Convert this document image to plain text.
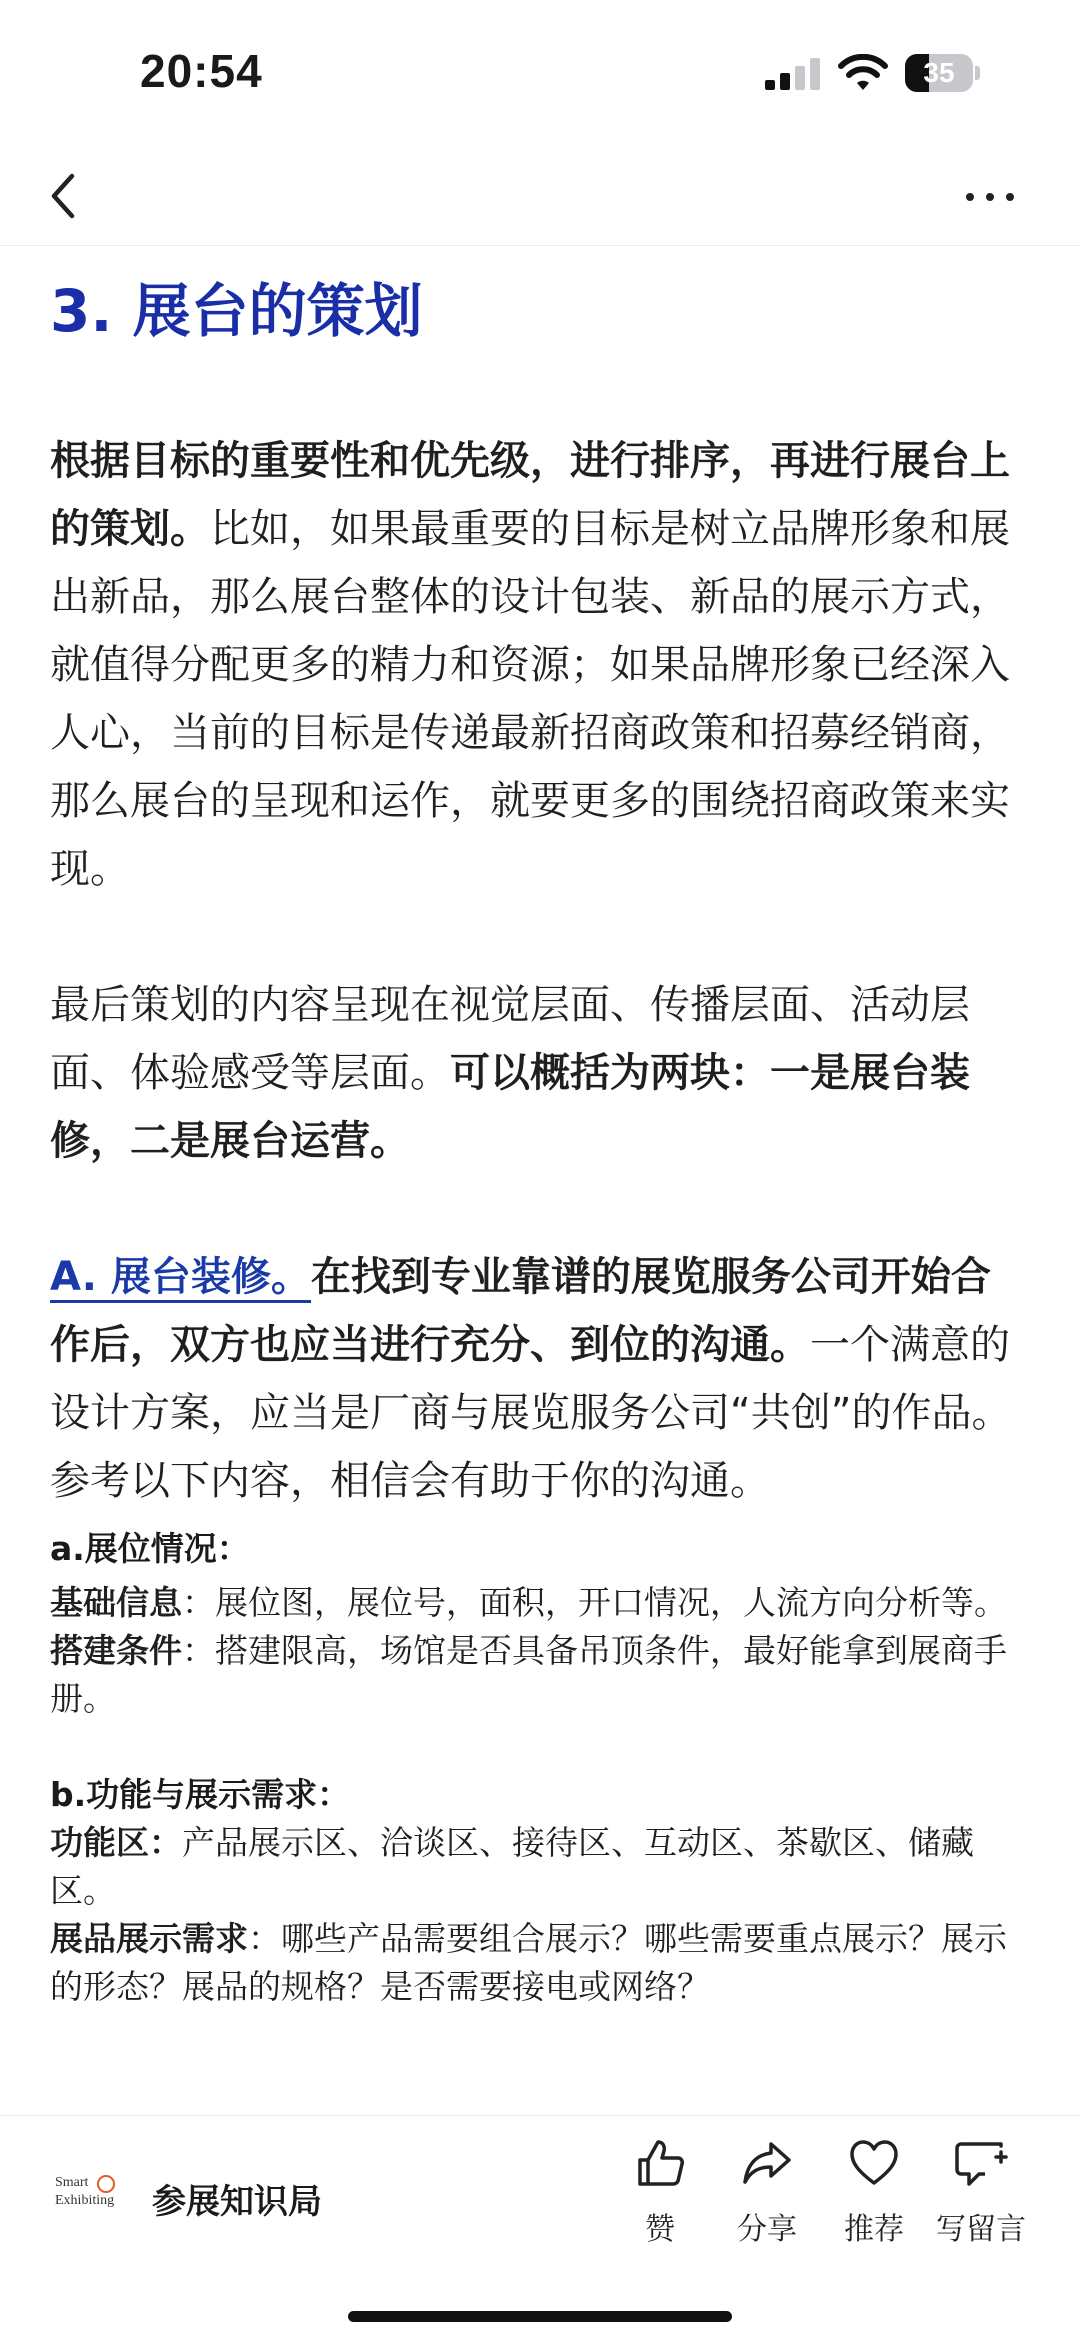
20:54	35
3. 展台的策划

根据目标的重要性和优先级，进行排序，再进行展台上的策划。比如，如果最重要的目标是树立品牌形象和展出新品，那么展台整体的设计包装、新品的展示方式，就值得分配更多的精力和资源；如果品牌形象已经深入人心，当前的目标是传递最新招商政策和招募经销商，那么展台的呈现和运作，就要更多的围绕招商政策来实现。

最后策划的内容呈现在视觉层面、传播层面、活动层面、体验感受等层面。可以概括为两块：一是展台装修，二是展台运营。

A. 展台装修。在找到专业靠谱的展览服务公司开始合作后，双方也应当进行充分、到位的沟通。一个满意的设计方案，应当是厂商与展览服务公司“共创”的作品。参考以下内容，相信会有助于你的沟通。

a.展位情况：

基础信息：展位图，展位号，面积，开口情况，人流方向分析等。

搭建条件：搭建限高，场馆是否具备吊顶条件，最好能拿到展商手册。

b.功能与展示需求：

功能区：产品展示区、洽谈区、接待区、互动区、茶歇区、储藏区。

展品展示需求：哪些产品需要组合展示？哪些需要重点展示？展示的形态？展品的规格？是否需要接电或网络？

Smart
Exhibiting 参展知识局
赞	分享	推荐	写留言
